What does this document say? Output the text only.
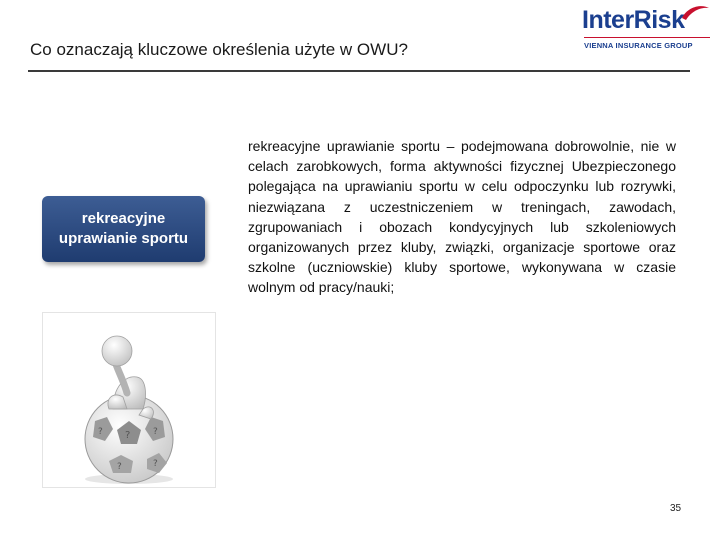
Co oznaczają kluczowe określenia użyte w OWU?
InterRisk
VIENNA INSURANCE GROUP
rekreacyjne uprawianie sportu
?
?	?
?	?
rekreacyjne uprawianie sportu – podejmowana dobrowolnie, nie w celach zarobkowych, forma aktywności fizycznej Ubezpieczonego polegająca na uprawianiu sportu w celu odpoczynku lub rozrywki, niezwiązana z uczestniczeniem w treningach, zawodach, zgrupowaniach i obozach kondycyjnych lub szkoleniowych organizowanych przez kluby, związki, organizacje sportowe oraz szkolne (uczniowskie) kluby sportowe, wykonywana w czasie wolnym od pracy/nauki;
35
